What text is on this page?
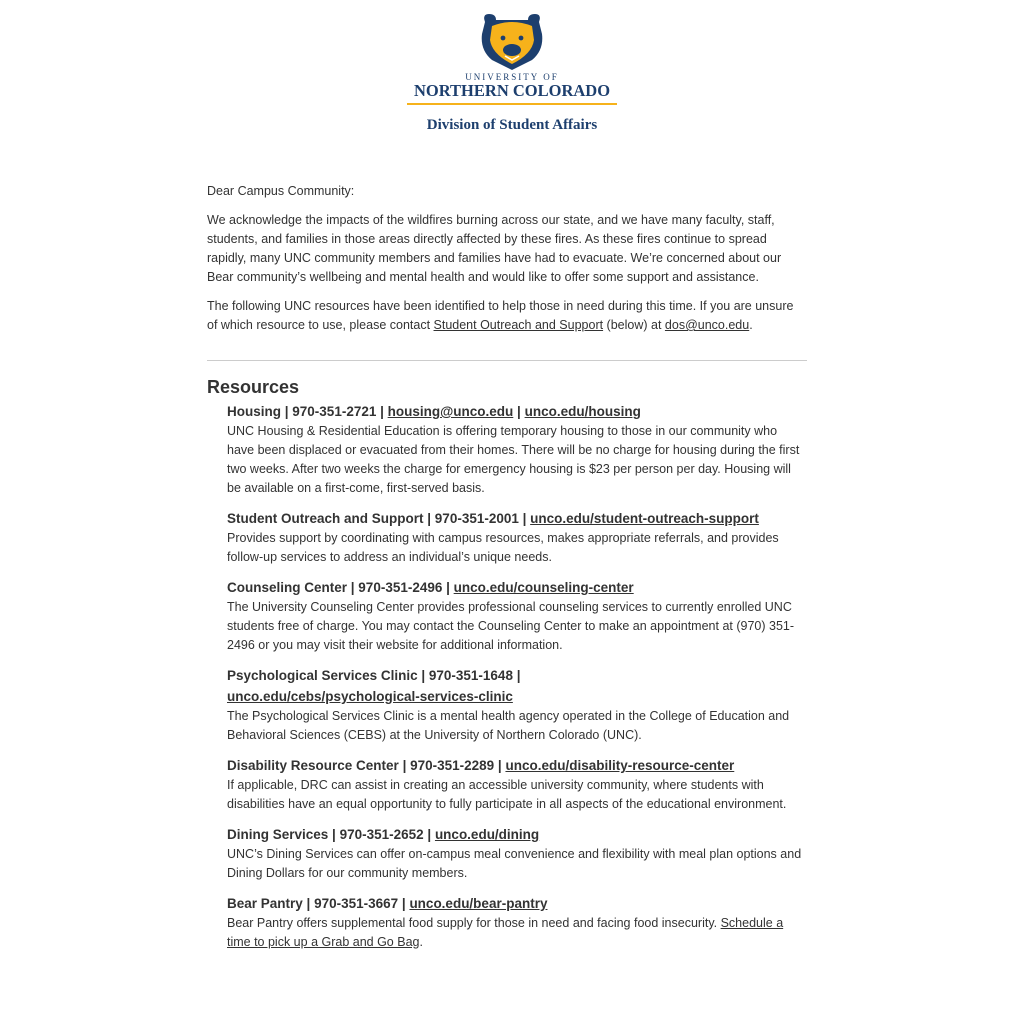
UNIVERSITY OF
NORTHERN COLORADO
Division of Student Affairs

Dear Campus Community:

We acknowledge the impacts of the wildfires burning across our state, and we have many faculty, staff, students, and families in those areas directly affected by these fires. As these fires continue to spread rapidly, many UNC community members and families have had to evacuate. We’re concerned about our Bear community’s wellbeing and mental health and would like to offer some support and assistance.

The following UNC resources have been identified to help those in need during this time. If you are unsure of which resource to use, please contact Student Outreach and Support (below) at dos@unco.edu.

Resources
Housing | 970-351-2721 | housing@unco.edu | unco.edu/housing
UNC Housing & Residential Education is offering temporary housing to those in our community who have been displaced or evacuated from their homes. There will be no charge for housing during the first two weeks. After two weeks the charge for emergency housing is $23 per person per day. Housing will be available on a first-come, first-served basis.
Student Outreach and Support | 970-351-2001 | unco.edu/student-outreach-support
Provides support by coordinating with campus resources, makes appropriate referrals, and provides follow-up services to address an individual’s unique needs.
Counseling Center | 970-351-2496 | unco.edu/counseling-center
The University Counseling Center provides professional counseling services to currently enrolled UNC students free of charge. You may contact the Counseling Center to make an appointment at (970) 351-2496 or you may visit their website for additional information.
Psychological Services Clinic | 970-351-1648 |
unco.edu/cebs/psychological-services-clinic
The Psychological Services Clinic is a mental health agency operated in the College of Education and Behavioral Sciences (CEBS) at the University of Northern Colorado (UNC).
Disability Resource Center | 970-351-2289 | unco.edu/disability-resource-center
If applicable, DRC can assist in creating an accessible university community, where students with disabilities have an equal opportunity to fully participate in all aspects of the educational environment.
Dining Services | 970-351-2652 | unco.edu/dining
UNC’s Dining Services can offer on-campus meal convenience and flexibility with meal plan options and Dining Dollars for our community members.
Bear Pantry | 970-351-3667 | unco.edu/bear-pantry
Bear Pantry offers supplemental food supply for those in need and facing food insecurity. Schedule a time to pick up a Grab and Go Bag.
